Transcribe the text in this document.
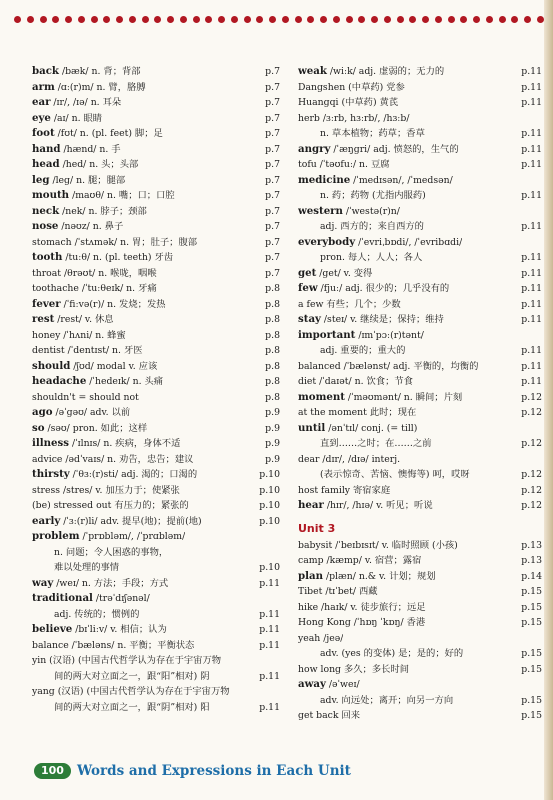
back /bæk/ n. 背；背部	p.7
arm /ɑː(r)m/ n. 臂，胳膊	p.7
ear /ɪr/, /ɪə/ n. 耳朵	p.7
eye /aɪ/ n. 眼睛	p.7
foot /fʊt/ n. (pl. feet) 脚；足	p.7
hand /hænd/ n. 手	p.7
head /hed/ n. 头；头部	p.7
leg /leg/ n. 腿；腿部	p.7
mouth /maʊθ/ n. 嘴；口；口腔	p.7
neck /nek/ n. 脖子；颈部	p.7
nose /nəʊz/ n. 鼻子	p.7
stomach /ˈstʌmək/ n. 胃；肚子；腹部	p.7
tooth /tuːθ/ n. (pl. teeth) 牙齿	p.7
throat /θrəʊt/ n. 喉咙，咽喉	p.7
toothache /ˈtuːθeɪk/ n. 牙痛	p.8
fever /ˈfiːvə(r)/ n. 发烧；发热	p.8
rest /rest/ v. 休息	p.8
honey /ˈhʌni/ n. 蜂蜜	p.8
dentist /ˈdentɪst/ n. 牙医	p.8
should /ʃʊd/ modal v. 应该	p.8
headache /ˈhedeɪk/ n. 头痛	p.8
shouldn't = should not	p.8
ago /əˈgəʊ/ adv. 以前	p.9
so /səʊ/ pron. 如此；这样	p.9
illness /ˈɪlnɪs/ n. 疾病，身体不适	p.9
advice /ədˈvaɪs/ n. 劝告，忠告；建议	p.9
thirsty /ˈθɜː(r)sti/ adj. 渴的；口渴的	p.10
stress /stres/ v. 加压力于；使紧张	p.10
(be) stressed out 有压力的；紧张的	p.10
early /ˈɜː(r)li/ adv. 提早(地)；提前(地)	p.10
problem /ˈprɒbləm/, /ˈprɑbləm/
n. 问题；令人困惑的事物，
难以处理的事情	p.10
way /weɪ/ n. 方法；手段；方式	p.11
traditional /trəˈdɪʃənəl/
adj. 传统的；惯例的	p.11
believe /bɪˈliːv/ v. 相信；认为	p.11
balance /ˈbæləns/ n. 平衡；平衡状态	p.11
yin (汉语) (中国古代哲学认为存在于宇宙万物
间的两大对立面之一，跟“阳”相对) 阴	p.11
yang (汉语) (中国古代哲学认为存在于宇宙万物
间的两大对立面之一，跟“阴”相对) 阳	p.11
weak /wiːk/ adj. 虚弱的；无力的	p.11
Dangshen (中草药) 党参	p.11
Huangqi (中草药) 黄芪	p.11
herb /ɜːrb, hɜːrb/, /hɜːb/
n. 草本植物；药草；香草	p.11
angry /ˈæŋgri/ adj. 愤怒的，生气的	p.11
tofu /ˈtəʊfuː/ n. 豆腐	p.11
medicine /ˈmedɪsən/, /ˈmedsən/
n. 药；药物 (尤指内服药)	p.11
western /ˈwestə(r)n/
adj. 西方的；来自西方的	p.11
everybody /ˈevriˌbɒdi/, /ˈevribɑdi/
pron. 每人；人人；各人	p.11
get /get/ v. 变得	p.11
few /fjuː/ adj. 很少的；几乎没有的	p.11
a few 有些；几个；少数	p.11
stay /steɪ/ v. 继续是；保持；维持	p.11
important /ɪmˈpɔː(r)tənt/
adj. 重要的；重大的	p.11
balanced /ˈbælənst/ adj. 平衡的，均衡的	p.11
diet /ˈdaɪət/ n. 饮食；节食	p.11
moment /ˈməʊmənt/ n. 瞬间；片刻	p.12
at the moment 此时；现在	p.12
until /ənˈtɪl/ conj. (= till)
直到……之时；在……之前	p.12
dear /dɪr/, /dɪə/ interj.
(表示惊奇、苦恼、懊悔等) 呵，哎呀	p.12
host family 寄宿家庭	p.12
hear /hɪr/, /hɪə/ v. 听见；听说	p.12
Unit 3
babysit /ˈbeɪbɪsɪt/ v. 临时照顾 (小孩)	p.13
camp /kæmp/ v. 宿营；露宿	p.13
plan /plæn/ n.& v. 计划；规划	p.14
Tibet /tɪˈbet/ 西藏	p.15
hike /haɪk/ v. 徒步旅行；远足	p.15
Hong Kong /ˈhɒŋ ˈkɒŋ/ 香港	p.15
yeah /jeə/
adv. (yes 的变体) 是；是的；好的	p.15
how long 多久；多长时间	p.15
away /əˈweɪ/
adv. 向远处；离开；向另一方向	p.15
get back 回来	p.15
100 Words and Expressions in Each Unit
